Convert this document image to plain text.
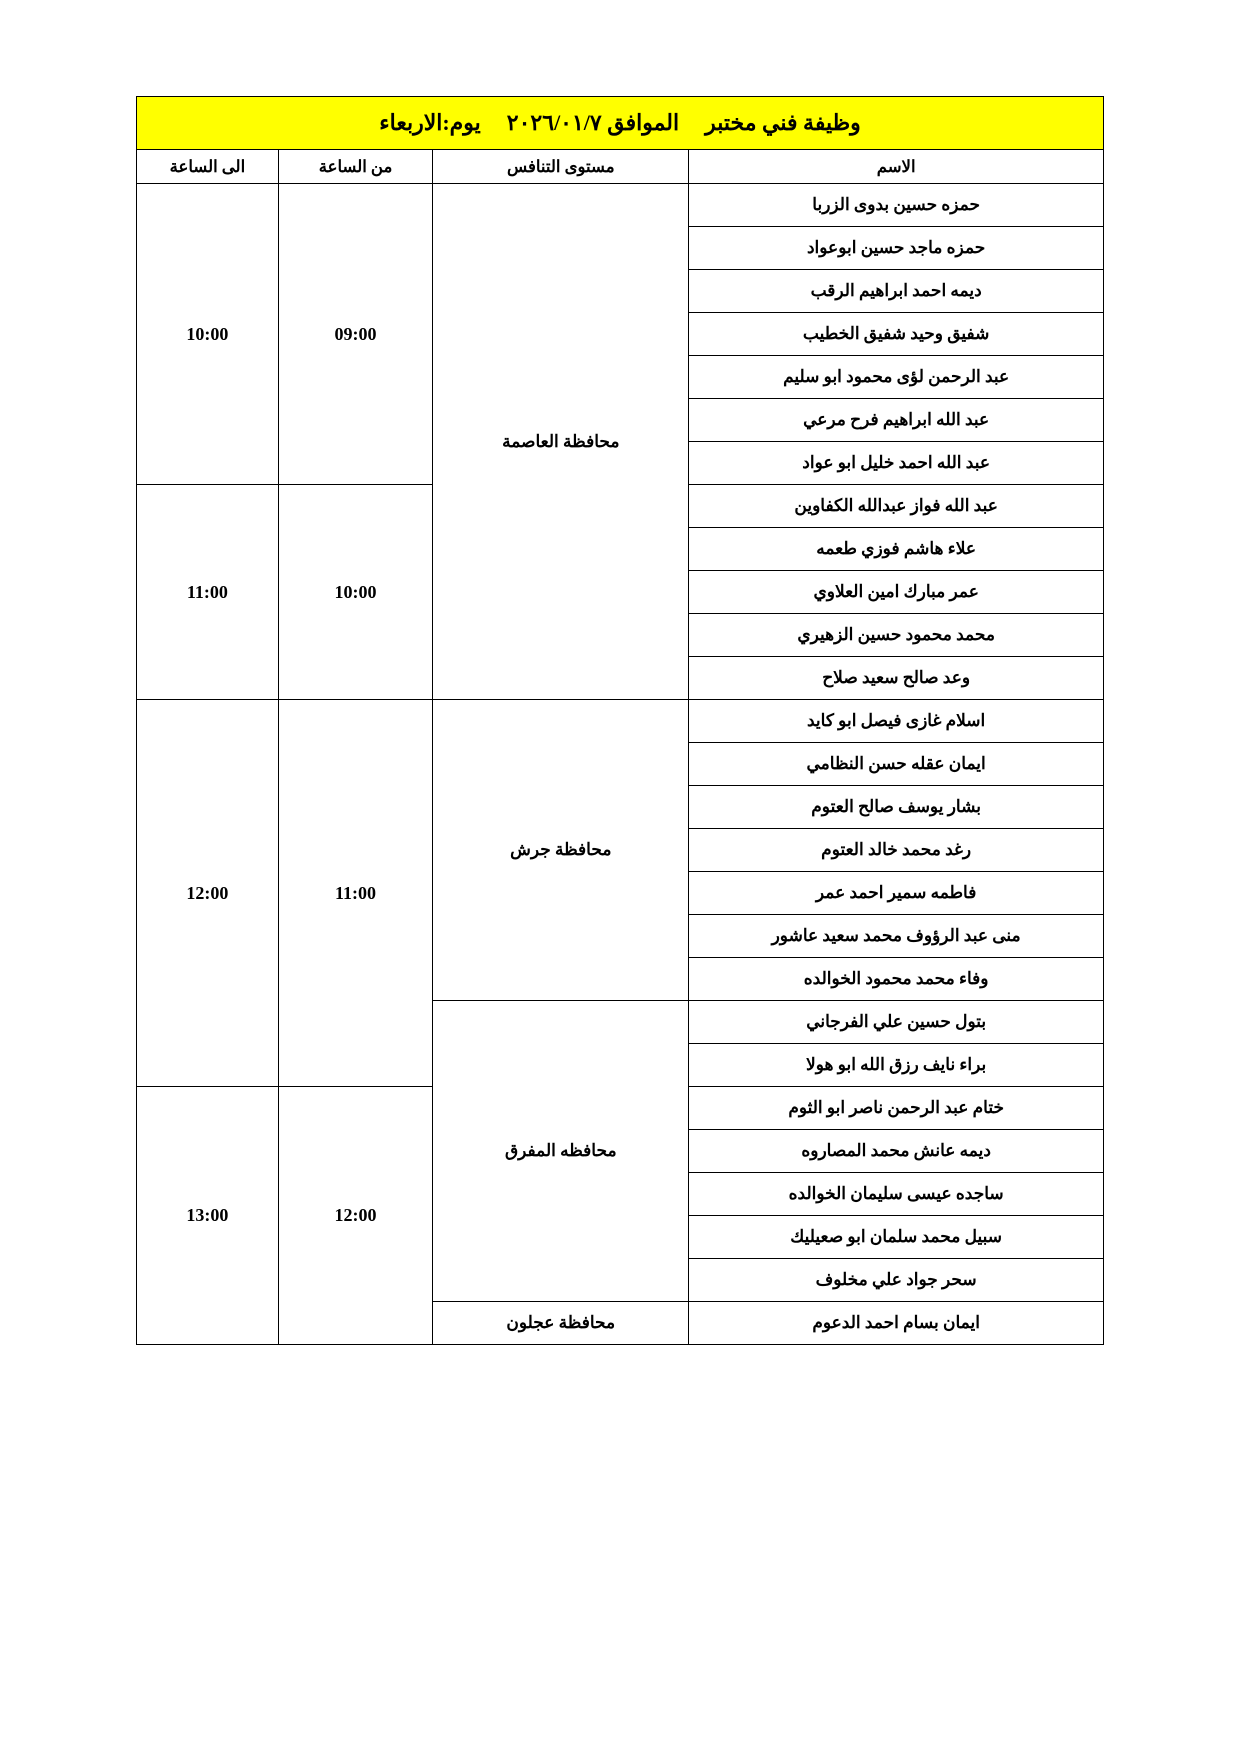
وظيفة فني مختبر
الموافق ٢٠٢٦/٠١/٧
يوم:الاربعاء			

الاسم	مستوى التنافس	من الساعة	الى الساعة
حمزه حسين بدوى الزربا	محافظة العاصمة	09:00	10:00
حمزه ماجد حسين ابوعواد			
ديمه احمد ابراهيم الرقب			
شفيق وحيد شفيق الخطيب			
عبد الرحمن لؤى محمود ابو سليم			
عبد الله ابراهيم فرح مرعي			
عبد الله احمد خليل ابو عواد			
عبد الله فواز عبدالله الكفاوين		10:00	11:00
علاء هاشم فوزي طعمه			
عمر مبارك امين العلاوي			
محمد محمود حسين الزهيري			
وعد صالح سعيد صلاح			
اسلام غازى فيصل ابو كايد	محافظة جرش	11:00	12:00
ايمان عقله حسن النظامي			
بشار يوسف صالح العتوم			
رغد محمد خالد العتوم			
فاطمه سمير احمد عمر			
منى عبد الرؤوف محمد سعيد عاشور			
وفاء محمد محمود الخوالده			
بتول حسين علي الفرجاني	محافظه المفرق		
براء نايف رزق الله ابو هولا			
ختام عبد الرحمن ناصر ابو الثوم		12:00	13:00
ديمه عانش محمد المصاروه			
ساجده عيسى سليمان الخوالده			
سبيل محمد سلمان ابو صعيليك			
سحر جواد علي مخلوف			
ايمان بسام احمد الدعوم	محافظة عجلون		
